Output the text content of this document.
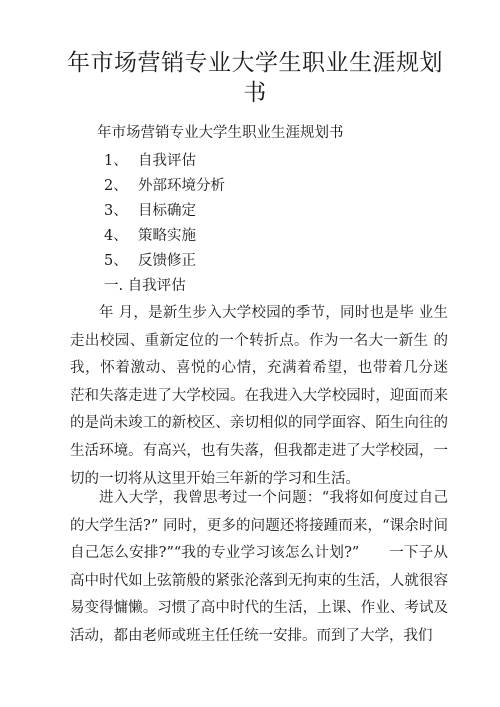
年市场营销专业大学生职业生涯规划书
年市场营销专业大学生职业生涯规划书
1、 自我评估
2、 外部环境分析
3、 目标确定
4、 策略实施
5、 反馈修正
一. 自我评估

年 月，是新生步入大学校园的季节，同时也是毕 业生走出校园、重新定位的一个转折点。作为一名大一新生 的我，怀着激动、喜悦的心情，充满着希望，也带着几分迷 茫和失落走进了大学校园。在我进入大学校园时，迎面而来 的是尚未竣工的新校区、亲切相似的同学面容、陌生向往的 生活环境。有高兴，也有失落，但我都走进了大学校园，一 切的一切将从这里开始三年新的学习和生活。

进入大学，我曾思考过一个问题：“我将如何度过自己的大学生活?” 同时，更多的问题还将接踵而来，“课余时间自己怎么安排?”“我的专业学习该怎么计划?”　　一下子从高中时代如上弦箭般的紧张沦落到无拘束的生活，人就很容易变得慵懒。习惯了高中时代的生活，上课、作业、考试及活动，都由老师或班主任任统一安排。而到了大学，我们
